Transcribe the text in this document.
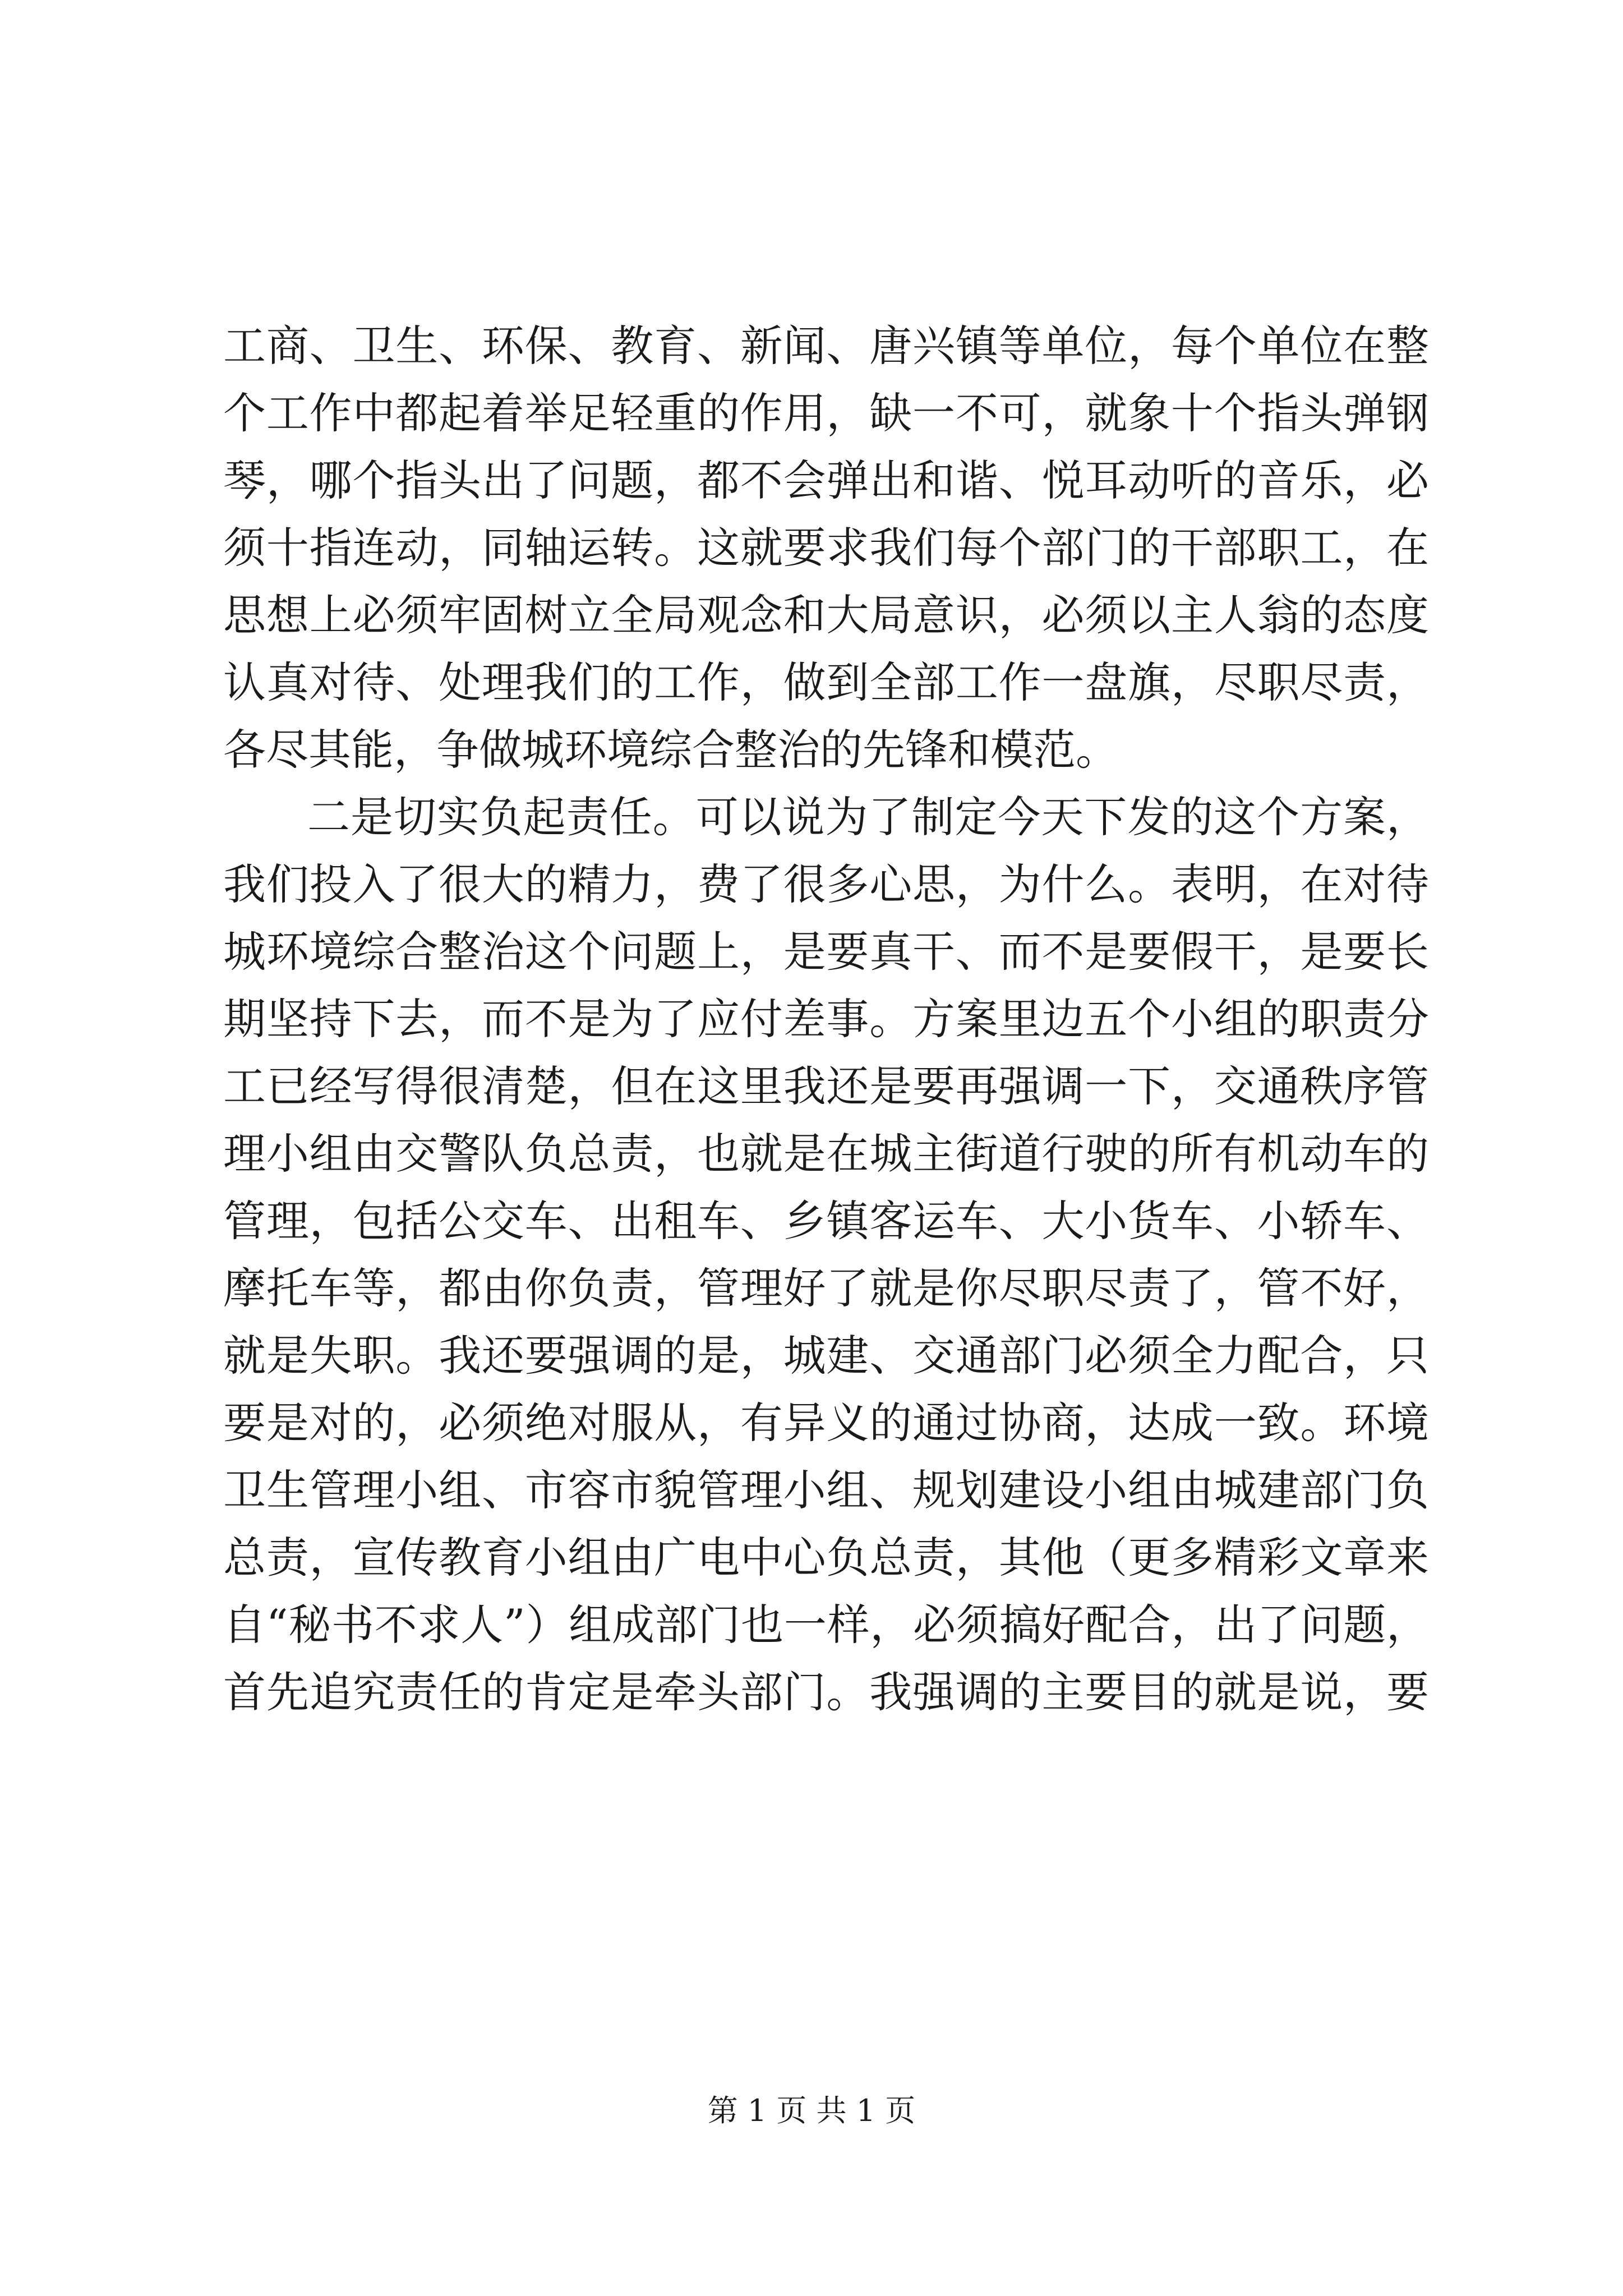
工商、卫生、环保、教育、新闻、唐兴镇等单位，每个单位在整
个工作中都起着举足轻重的作用，缺一不可，就象十个指头弹钢
琴，哪个指头出了问题，都不会弹出和谐、悦耳动听的音乐，必
须十指连动，同轴运转。这就要求我们每个部门的干部职工，在
思想上必须牢固树立全局观念和大局意识，必须以主人翁的态度
认真对待、处理我们的工作，做到全部工作一盘旗，尽职尽责，
各尽其能，争做城环境综合整治的先锋和模范。
二是切实负起责任。可以说为了制定今天下发的这个方案，
我们投入了很大的精力，费了很多心思，为什么。表明，在对待
城环境综合整治这个问题上，是要真干、而不是要假干，是要长
期坚持下去，而不是为了应付差事。方案里边五个小组的职责分
工已经写得很清楚，但在这里我还是要再强调一下，交通秩序管
理小组由交警队负总责，也就是在城主街道行驶的所有机动车的
管理，包括公交车、出租车、乡镇客运车、大小货车、小轿车、
摩托车等，都由你负责，管理好了就是你尽职尽责了，管不好，
就是失职。我还要强调的是，城建、交通部门必须全力配合，只
要是对的，必须绝对服从，有异义的通过协商，达成一致。环境
卫生管理小组、市容市貌管理小组、规划建设小组由城建部门负
总责，宣传教育小组由广电中心负总责，其他（更多精彩文章来
自“秘书不求人”）组成部门也一样，必须搞好配合，出了问题，
首先追究责任的肯定是牵头部门。我强调的主要目的就是说，要
第 1 页 共 1 页
